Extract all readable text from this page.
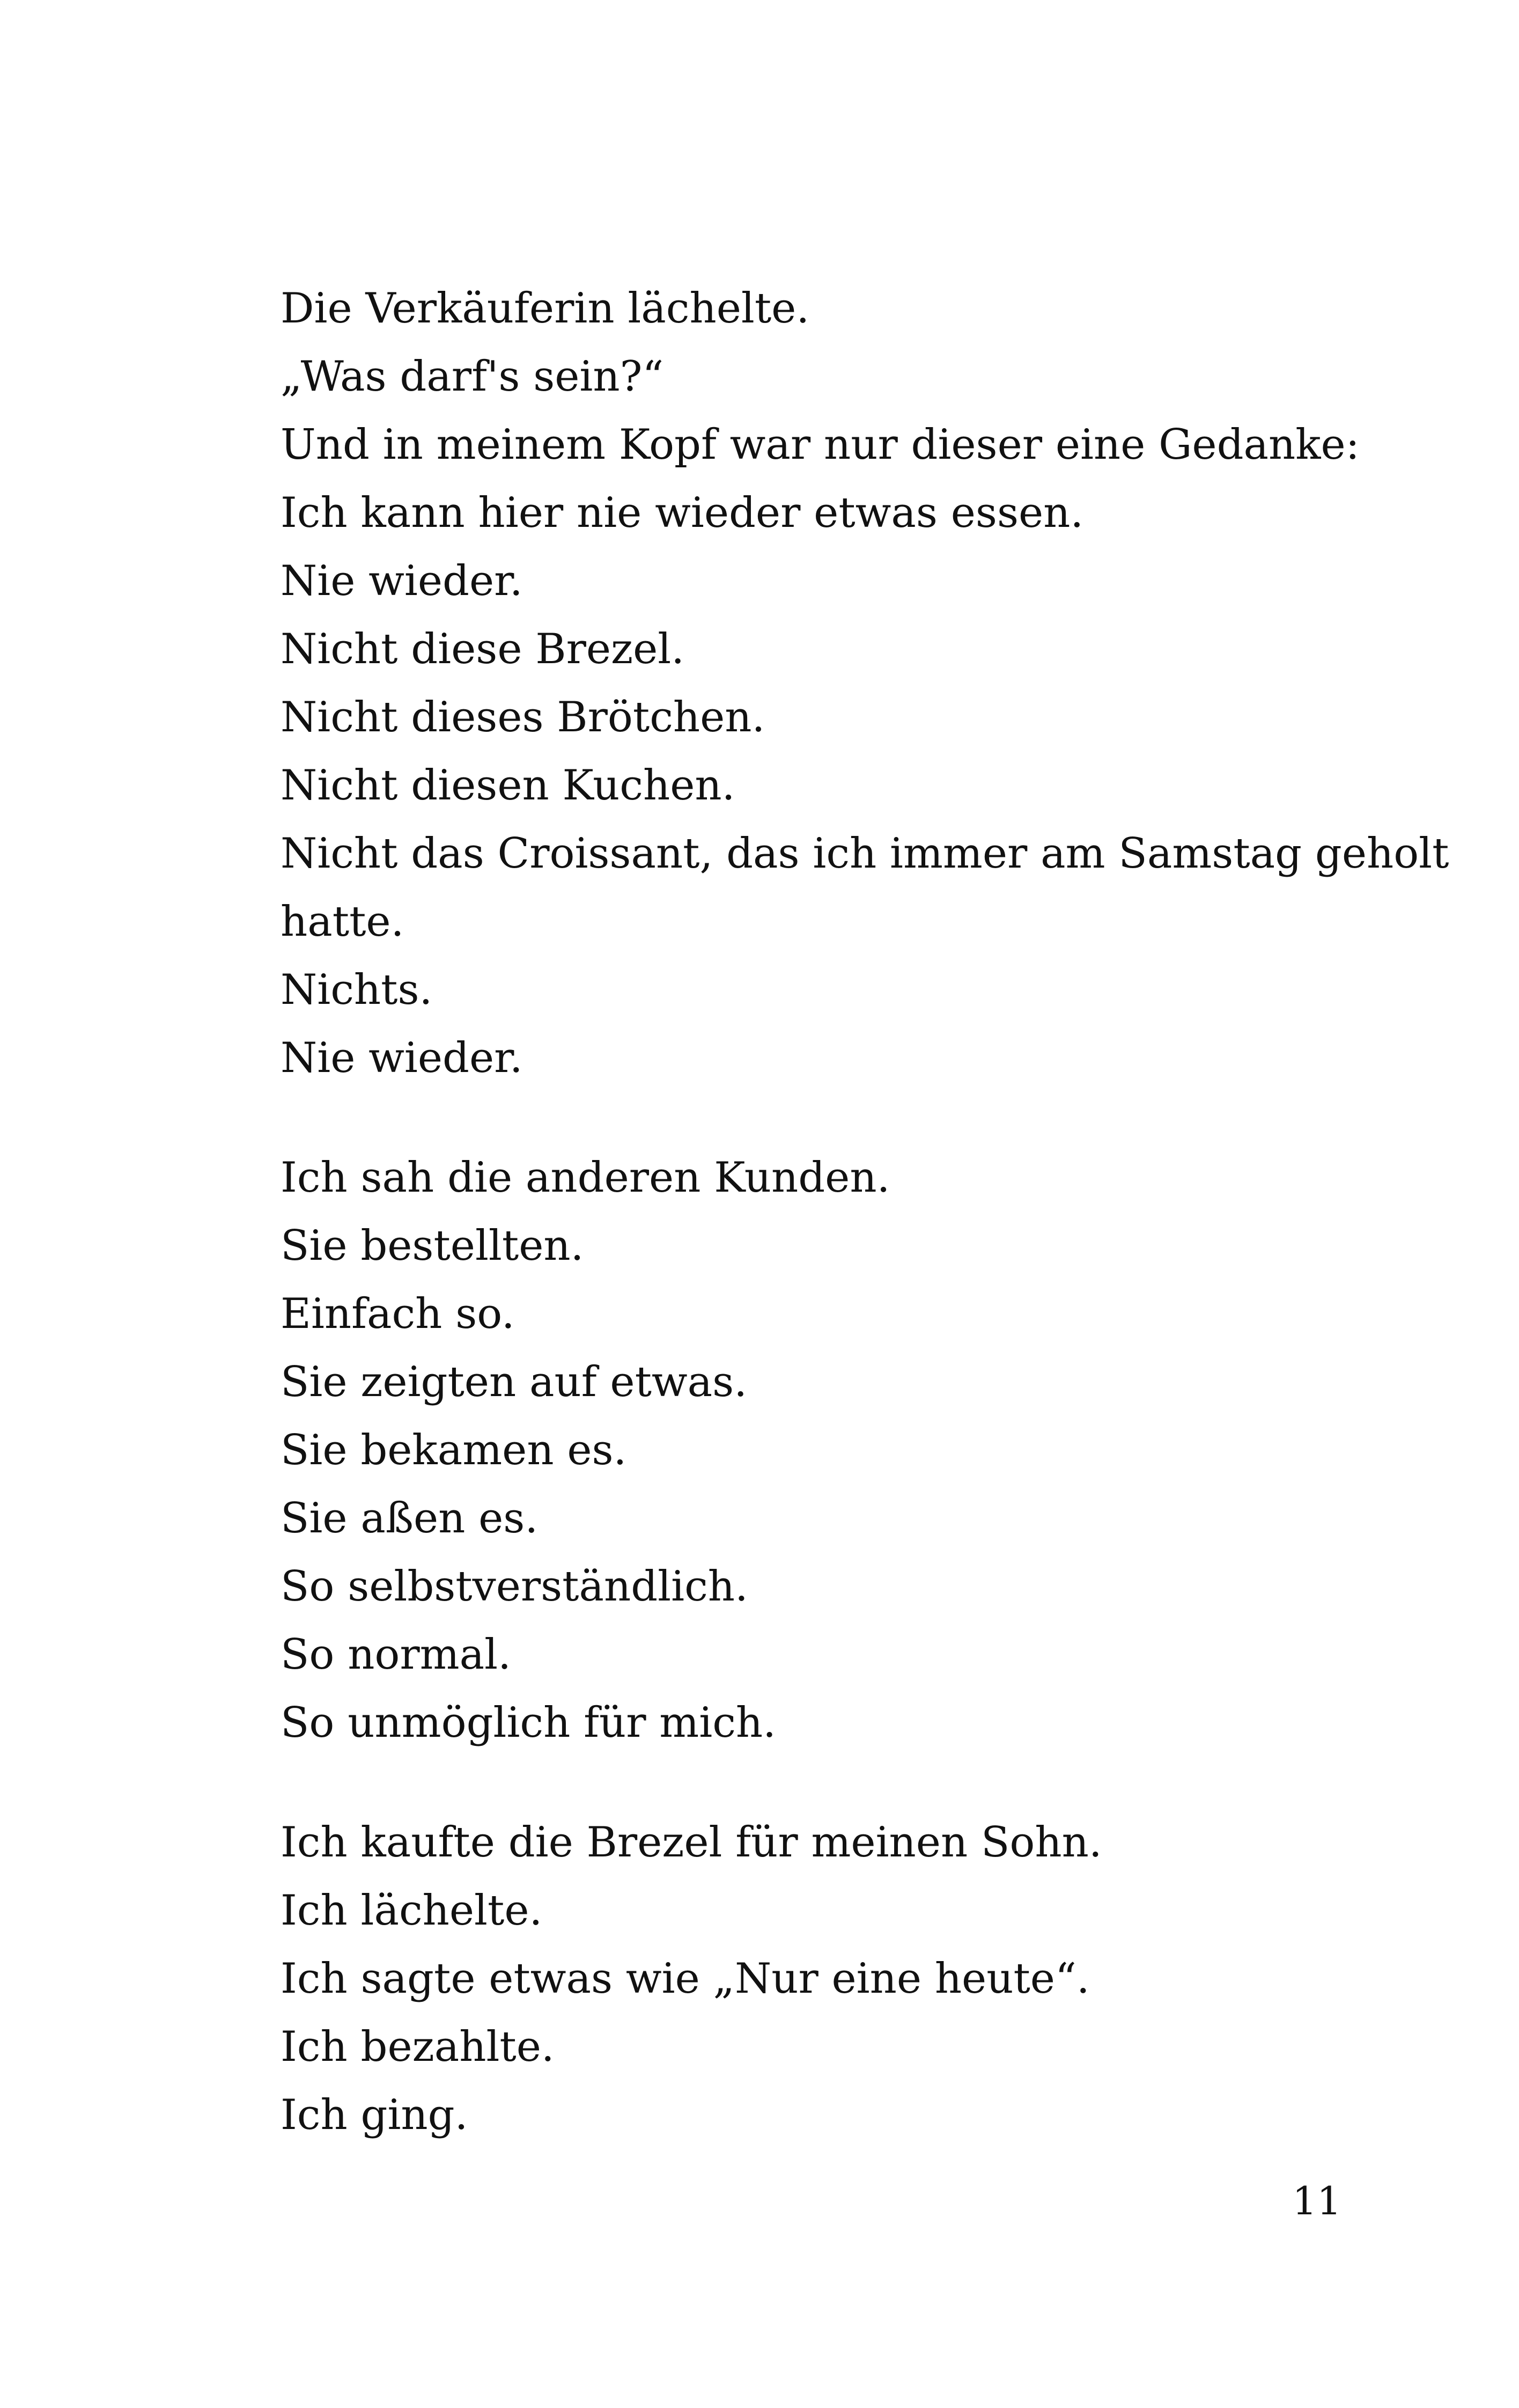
Die Verkäuferin lächelte.
„Was darf's sein?“
Und in meinem Kopf war nur dieser eine Gedanke:
Ich kann hier nie wieder etwas essen.
Nie wieder.
Nicht diese Brezel.
Nicht dieses Brötchen.
Nicht diesen Kuchen.
Nicht das Croissant, das ich immer am Samstag geholt
hatte.
Nichts.
Nie wieder.

Ich sah die anderen Kunden.
Sie bestellten.
Einfach so.
Sie zeigten auf etwas.
Sie bekamen es.
Sie aßen es.
So selbstverständlich.
So normal.
So unmöglich für mich.

Ich kaufte die Brezel für meinen Sohn.
Ich lächelte.
Ich sagte etwas wie „Nur eine heute“.
Ich bezahlte.
Ich ging.

11
